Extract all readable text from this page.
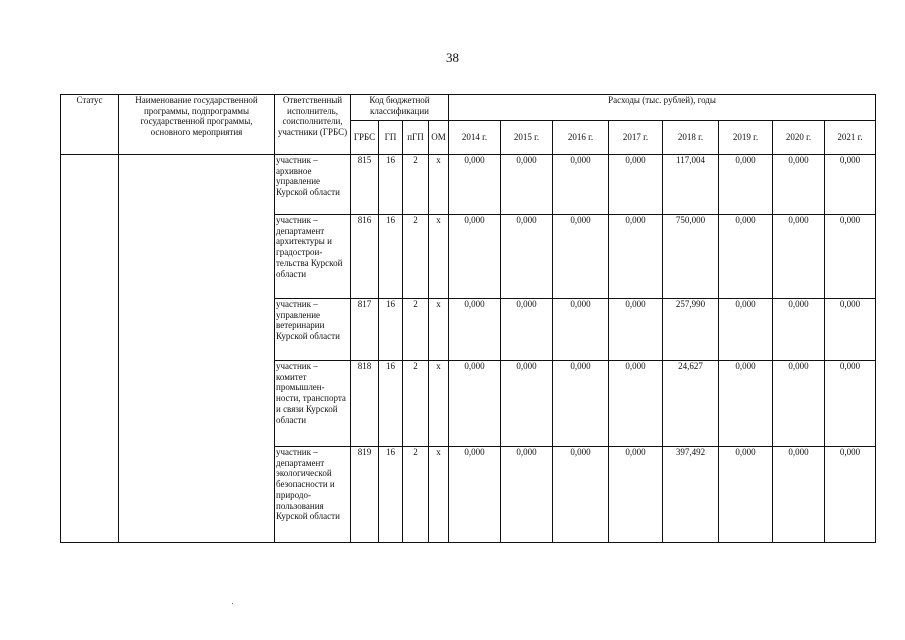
38
Статус	Наименование государственной программы, подпрограммы государственной программы, основного мероприятия	Ответственный исполнитель, соисполнители, участники (ГРБС)	Код бюджетной классификации				Расходы (тыс. рублей), годы							
			ГРБС	ГП	пГП	ОМ	2014 г.	2015 г.	2016 г.	2017 г.	2018 г.	2019 г.	2020 г.	2021 г.
		участник – архивное управление Курской области	815	16	2	х	0,000	0,000	0,000	0,000	117,004	0,000	0,000	0,000
		участник – департамент архитектуры и градострои-тельства Курской области	816	16	2	х	0,000	0,000	0,000	0,000	750,000	0,000	0,000	0,000
		участник – управление ветеринарии Курской области	817	16	2	х	0,000	0,000	0,000	0,000	257,990	0,000	0,000	0,000
		участник – комитет промышлен-ности, транспорта и связи Курской области	818	16	2	х	0,000	0,000	0,000	0,000	24,627	0,000	0,000	0,000
		участник – департамент экологической безопасности и природо-пользования Курской области	819	16	2	х	0,000	0,000	0,000	0,000	397,492	0,000	0,000	0,000
